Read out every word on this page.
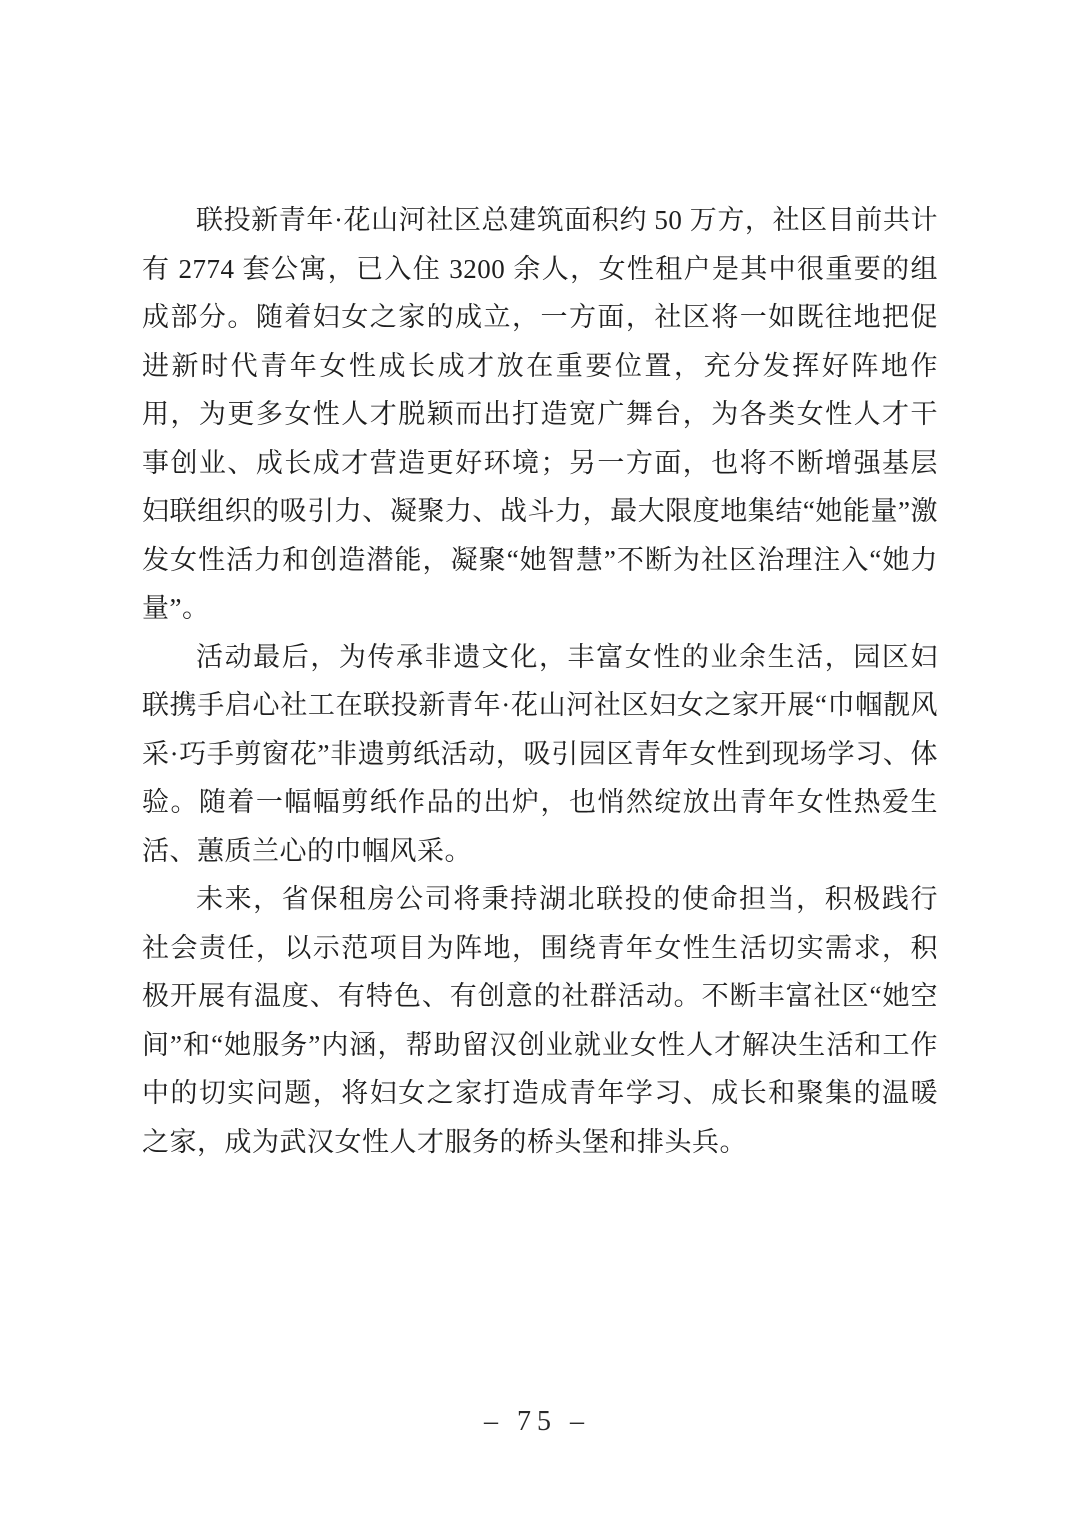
联投新青年·花山河社区总建筑面积约 50 万方，社区目前共计有 2774 套公寓，已入住 3200 余人，女性租户是其中很重要的组成部分。随着妇女之家的成立，一方面，社区将一如既往地把促进新时代青年女性成长成才放在重要位置，充分发挥好阵地作用，为更多女性人才脱颖而出打造宽广舞台，为各类女性人才干事创业、成长成才营造更好环境；另一方面，也将不断增强基层妇联组织的吸引力、凝聚力、战斗力，最大限度地集结“她能量”激发女性活力和创造潜能，凝聚“她智慧”不断为社区治理注入“她力量”。

活动最后，为传承非遗文化，丰富女性的业余生活，园区妇联携手启心社工在联投新青年·花山河社区妇女之家开展“巾帼靓风采·巧手剪窗花”非遗剪纸活动，吸引园区青年女性到现场学习、体验。随着一幅幅剪纸作品的出炉，也悄然绽放出青年女性热爱生活、蕙质兰心的巾帼风采。

未来，省保租房公司将秉持湖北联投的使命担当，积极践行社会责任，以示范项目为阵地，围绕青年女性生活切实需求，积极开展有温度、有特色、有创意的社群活动。不断丰富社区“她空间”和“她服务”内涵，帮助留汉创业就业女性人才解决生活和工作中的切实问题，将妇女之家打造成青年学习、成长和聚集的温暖之家，成为武汉女性人才服务的桥头堡和排头兵。

– 75 –
